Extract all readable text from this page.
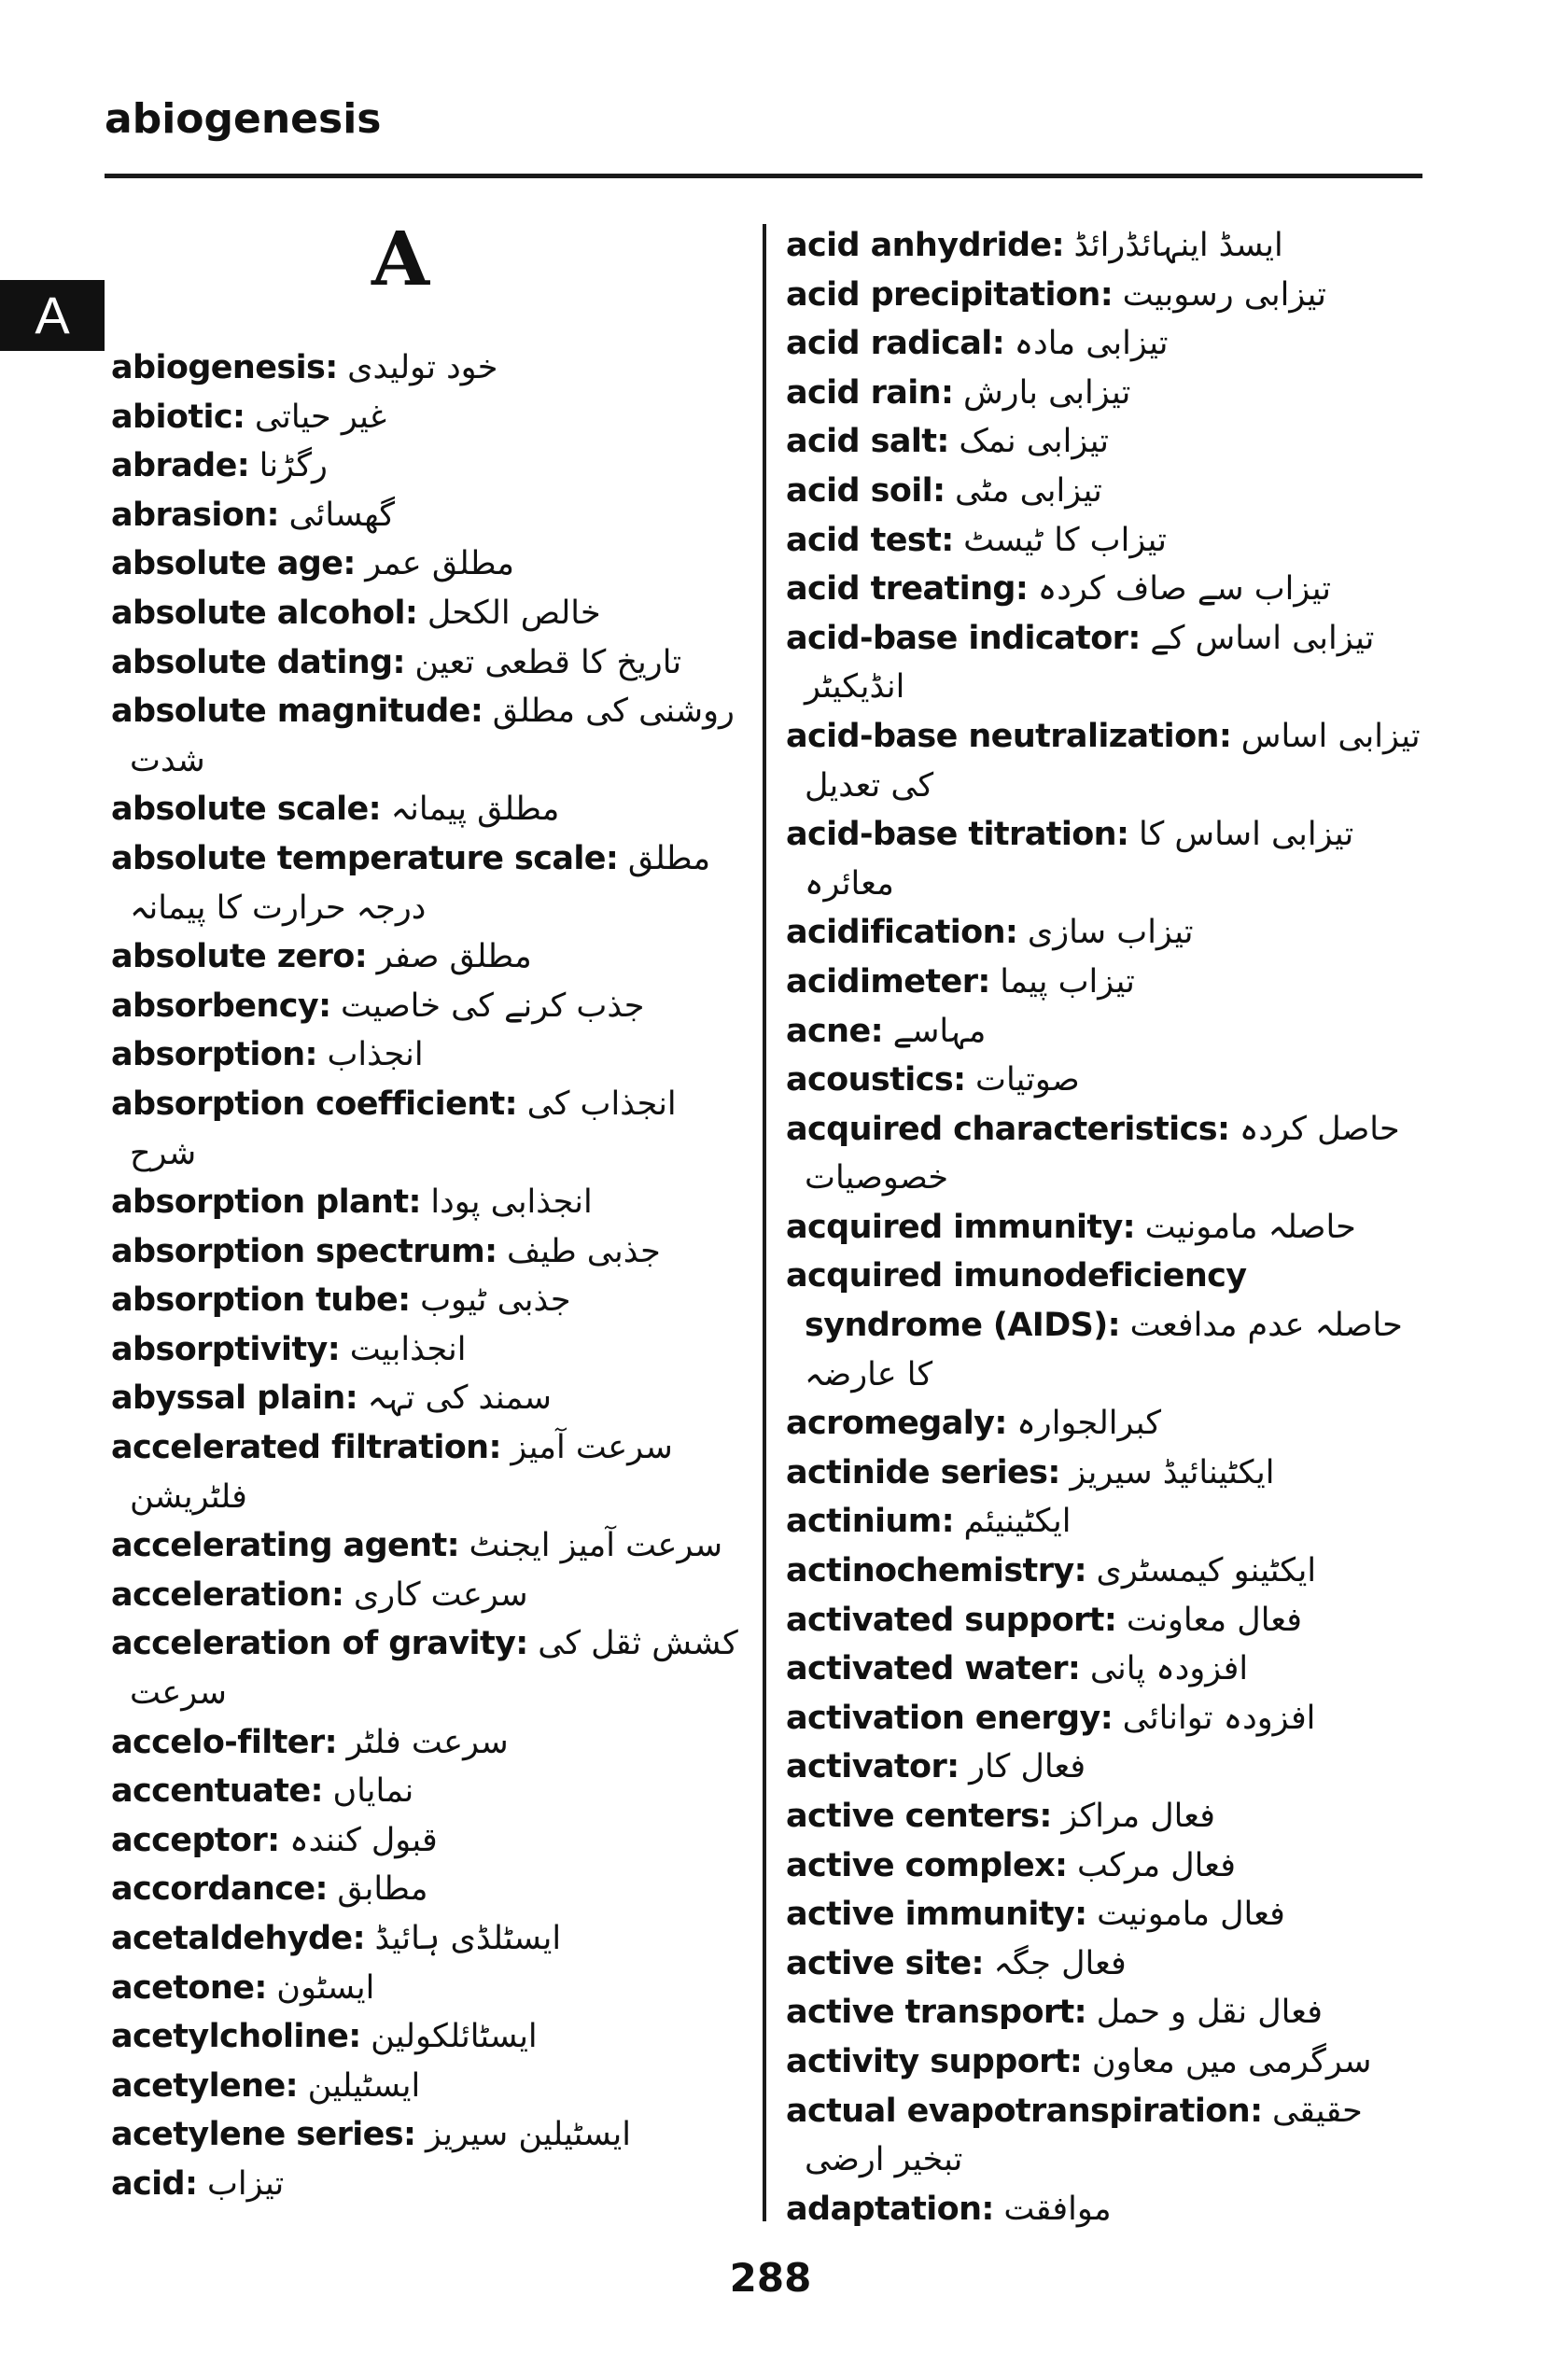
abiogenesis
A
A
abiogenesis: خود تولیدی
abiotic: غیر حیاتی
abrade: رگڑنا
abrasion: گھسائی
absolute age: مطلق عمر
absolute alcohol: خالص الکحل
absolute dating: تاریخ کا قطعی تعین
absolute magnitude: روشنی کی مطلق شدت
absolute scale: مطلق پیمانہ
absolute temperature scale: مطلق درجہ حرارت کا پیمانہ
absolute zero: مطلق صفر
absorbency: جذب کرنے کی خاصیت
absorption: انجذاب
absorption coefficient: انجذاب کی شرح
absorption plant: انجذابی پودا
absorption spectrum: جذبی طیف
absorption tube: جذبی ٹیوب
absorptivity: انجذابیت
abyssal plain: سمند کی تہہ
accelerated filtration: سرعت آمیز فلٹریشن
accelerating agent: سرعت آمیز ایجنٹ
acceleration: سرعت کاری
acceleration of gravity: کشش ثقل کی سرعت
accelo-filter: سرعت فلٹر
accentuate: نمایاں
acceptor: قبول کنندہ
accordance: مطابق
acetaldehyde: ایسٹلڈی ہائیڈ
acetone: ایسٹون
acetylcholine: ایسٹائلکولین
acetylene: ایسٹیلین
acetylene series: ایسٹیلین سیریز
acid: تیزاب
acid anhydride: ایسڈ اینہائڈرائڈ
acid precipitation: تیزابی رسوبیت
acid radical: تیزابی مادہ
acid rain: تیزابی بارش
acid salt: تیزابی نمک
acid soil: تیزابی مٹی
acid test: تیزاب کا ٹیسٹ
acid treating: تیزاب سے صاف کردہ
acid-base indicator: تیزابی اساس کے انڈیکیٹر
acid-base neutralization: تیزابی اساس کی تعدیل
acid-base titration: تیزابی اساس کا معائرہ
acidification: تیزاب سازی
acidimeter: تیزاب پیما
acne: مہاسے
acoustics: صوتیات
acquired characteristics: حاصل کردہ خصوصیات
acquired immunity: حاصلہ مامونیت
acquired imunodeficiency syndrome (AIDS): حاصلہ عدم مدافعت کا عارضہ
acromegaly: کبرالجوارہ
actinide series: ایکٹینائیڈ سیریز
actinium: ایکٹینیئم
actinochemistry: ایکٹینو کیمسٹری
activated support: فعال معاونت
activated water: افزودہ پانی
activation energy: افزودہ توانائی
activator: فعال کار
active centers: فعال مراکز
active complex: فعال مرکب
active immunity: فعال مامونیت
active site: فعال جگہ
active transport: فعال نقل و حمل
activity support: سرگرمی میں معاون
actual evapotranspiration: حقیقی تبخیر ارضی
adaptation: موافقت
288
